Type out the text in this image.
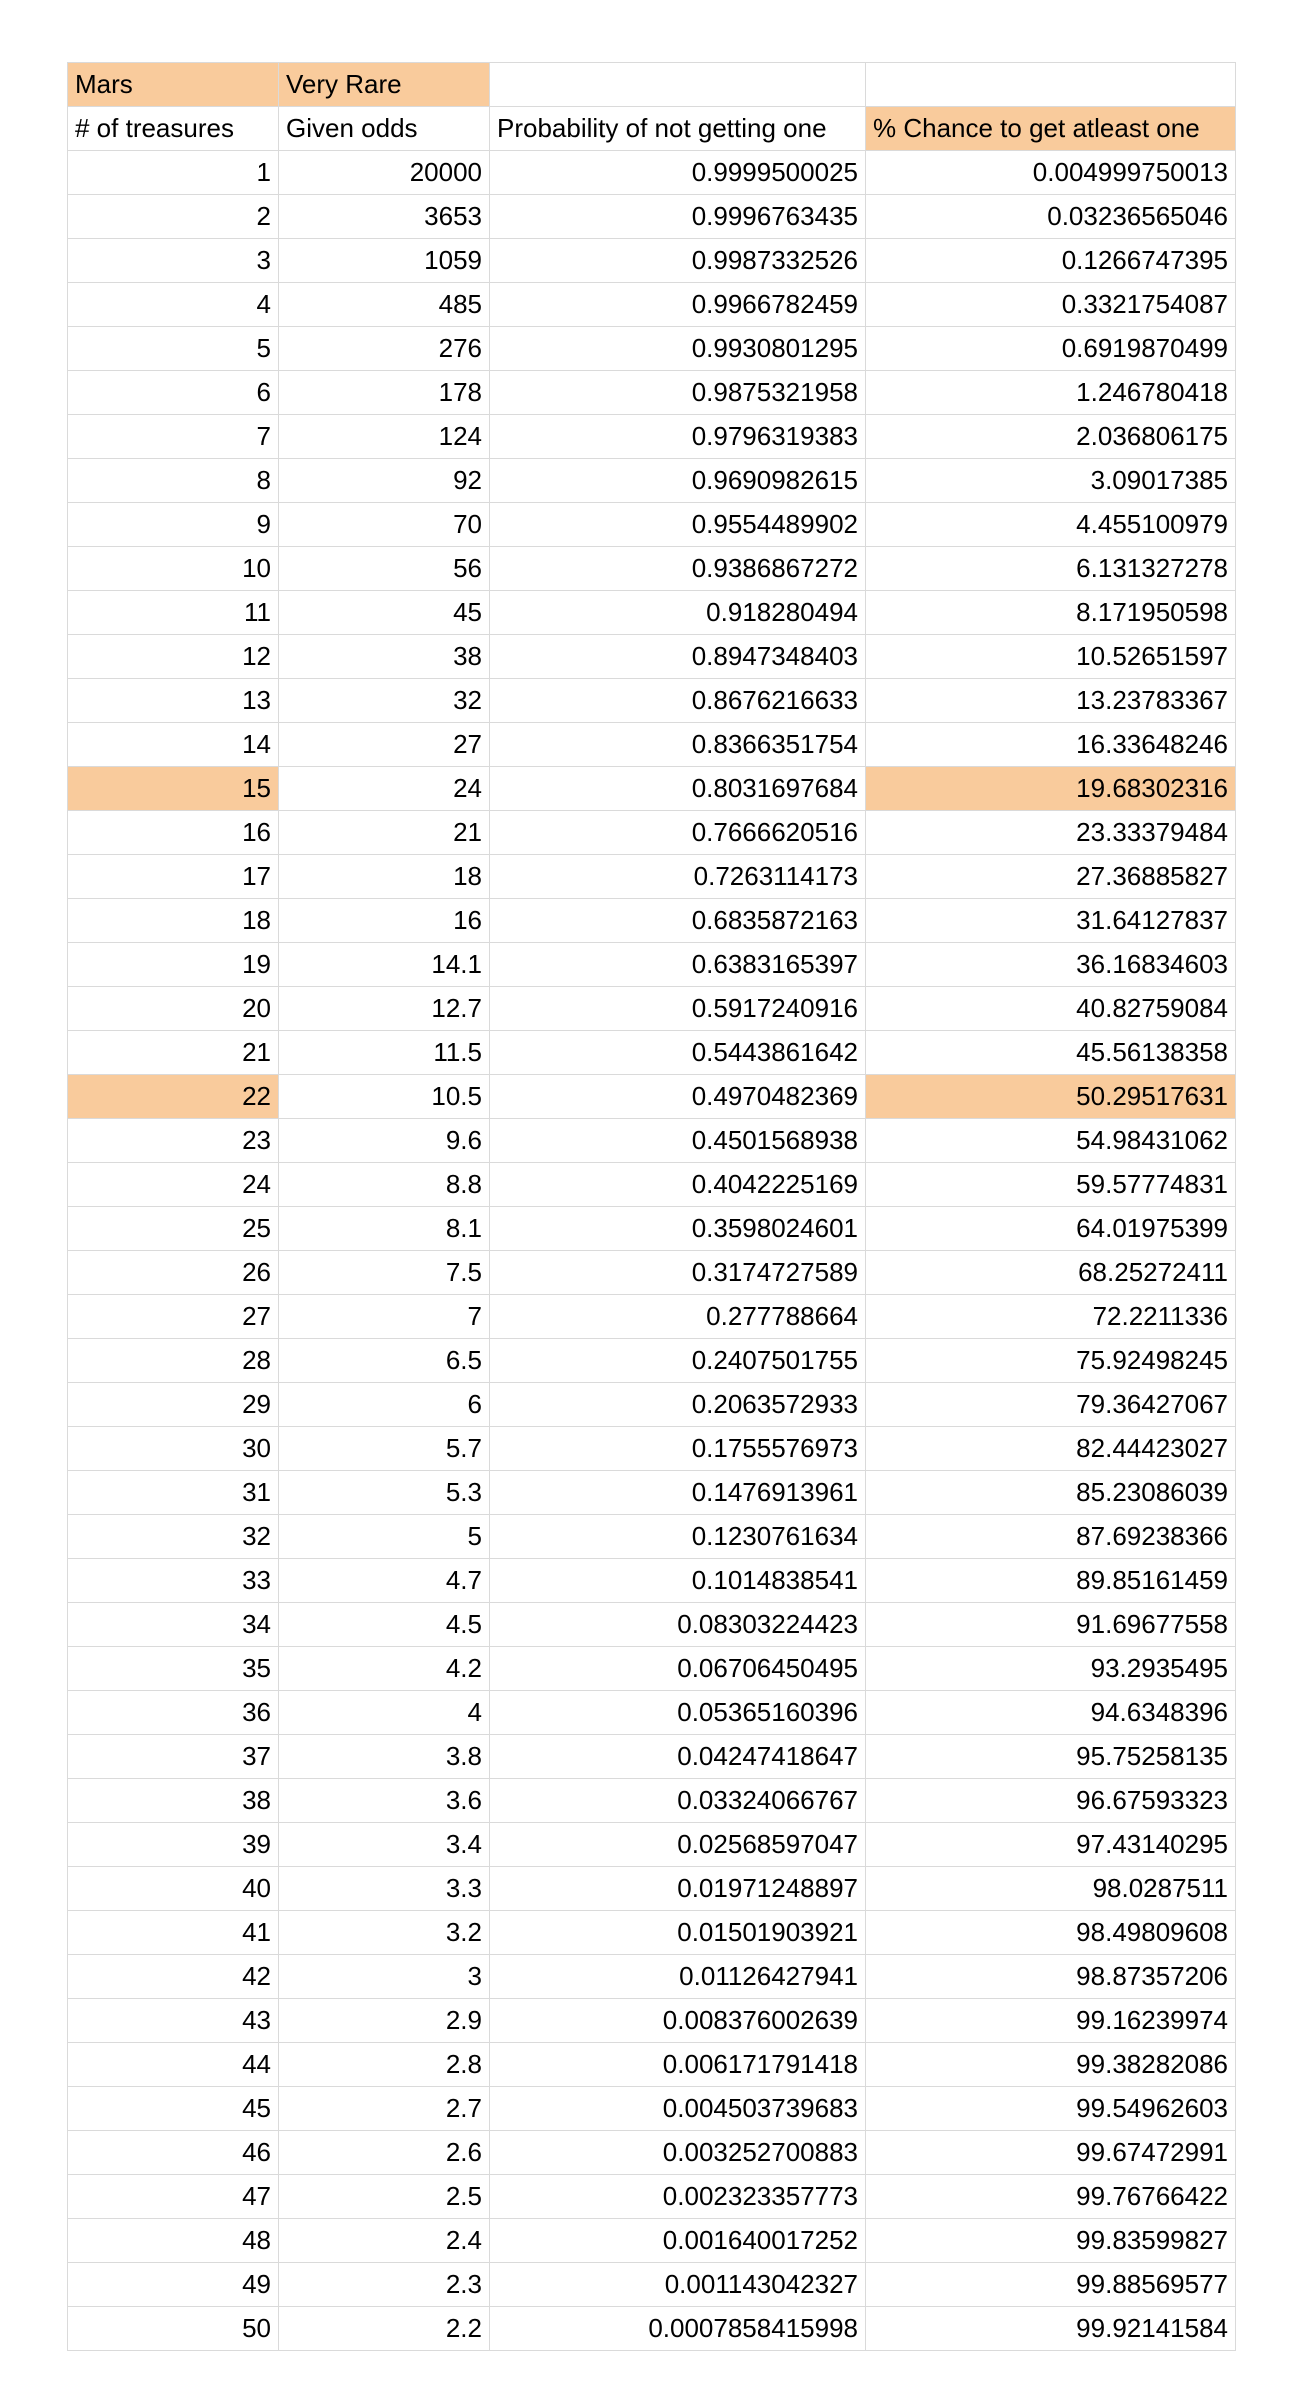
Mars	Very Rare		
# of treasures	Given odds	Probability of not getting one	% Chance to get atleast one
1	20000	0.9999500025	0.004999750013
2	3653	0.9996763435	0.03236565046
3	1059	0.9987332526	0.1266747395
4	485	0.9966782459	0.3321754087
5	276	0.9930801295	0.6919870499
6	178	0.9875321958	1.246780418
7	124	0.9796319383	2.036806175
8	92	0.9690982615	3.09017385
9	70	0.9554489902	4.455100979
10	56	0.9386867272	6.131327278
11	45	0.918280494	8.171950598
12	38	0.8947348403	10.52651597
13	32	0.8676216633	13.23783367
14	27	0.8366351754	16.33648246
15	24	0.8031697684	19.68302316
16	21	0.7666620516	23.33379484
17	18	0.7263114173	27.36885827
18	16	0.6835872163	31.64127837
19	14.1	0.6383165397	36.16834603
20	12.7	0.5917240916	40.82759084
21	11.5	0.5443861642	45.56138358
22	10.5	0.4970482369	50.29517631
23	9.6	0.4501568938	54.98431062
24	8.8	0.4042225169	59.57774831
25	8.1	0.3598024601	64.01975399
26	7.5	0.3174727589	68.25272411
27	7	0.277788664	72.2211336
28	6.5	0.2407501755	75.92498245
29	6	0.2063572933	79.36427067
30	5.7	0.1755576973	82.44423027
31	5.3	0.1476913961	85.23086039
32	5	0.1230761634	87.69238366
33	4.7	0.1014838541	89.85161459
34	4.5	0.08303224423	91.69677558
35	4.2	0.06706450495	93.2935495
36	4	0.05365160396	94.6348396
37	3.8	0.04247418647	95.75258135
38	3.6	0.03324066767	96.67593323
39	3.4	0.02568597047	97.43140295
40	3.3	0.01971248897	98.0287511
41	3.2	0.01501903921	98.49809608
42	3	0.01126427941	98.87357206
43	2.9	0.008376002639	99.16239974
44	2.8	0.006171791418	99.38282086
45	2.7	0.004503739683	99.54962603
46	2.6	0.003252700883	99.67472991
47	2.5	0.002323357773	99.76766422
48	2.4	0.001640017252	99.83599827
49	2.3	0.001143042327	99.88569577
50	2.2	0.0007858415998	99.92141584
